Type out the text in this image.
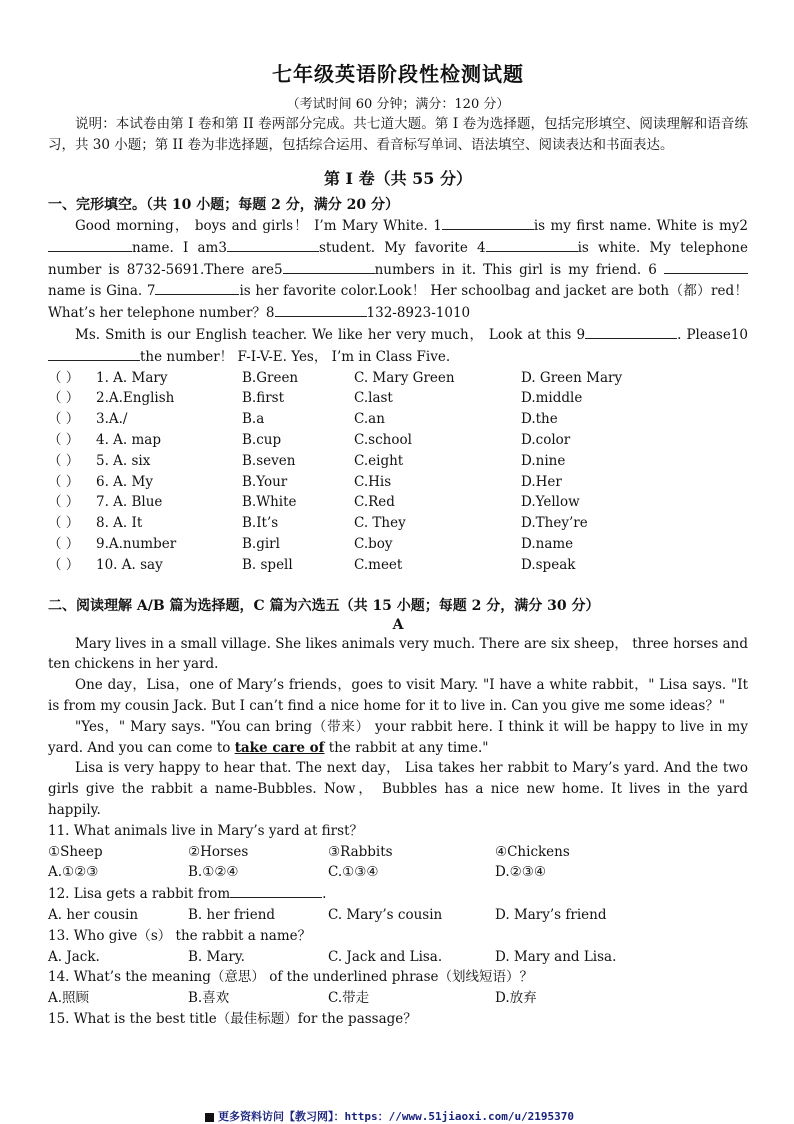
七年级英语阶段性检测试题
（考试时间 60 分钟；满分：120 分）
说明：本试卷由第 I 卷和第 II 卷两部分完成。共七道大题。第 I 卷为选择题，包括完形填空、阅读理解和语音练习，共 30 小题；第 II 卷为非选择题，包括综合运用、看音标写单词、语法填空、阅读表达和书面表达。
第 I 卷（共 55 分）
一、完形填空。（共 10 小题；每题 2 分，满分 20 分）

Good morning， boys and girls！ I’m Mary White. 1	is my first name. White is my2name. I am3	student. My favorite 4	is white. My telephone number is 8732-5691.There are5	numbers in it. This girl is my friend. 6 name is Gina. 7	is her favorite color.Look！ Her schoolbag and jacket are both（都）red！ What’s her telephone number？8	132-8923-1010

Ms. Smith is our English teacher. We like her very much， Look at this 9	. Please10the number！ F-I-V-E. Yes， I’m in Class Five.

（ ）	1. A. Mary	B.Green	C. Mary Green	D. Green Mary
（ ）	2.A.English	B.first	C.last	D.middle
（ ）	3.A./	B.a	C.an	D.the
（ ）	4. A. map	B.cup	C.school	D.color
（ ）	5. A. six	B.seven	C.eight	D.nine
（ ）	6. A. My	B.Your	C.His	D.Her
（ ）	7. A. Blue	B.White	C.Red	D.Yellow
（ ）	8. A. It	B.It’s	C. They	D.They’re
（ ）	9.A.number	B.girl	C.boy	D.name
（ ）	10. A. say	B. spell	C.meet	D.speak
二、阅读理解 A/B 篇为选择题，C 篇为六选五（共 15 小题；每题 2 分，满分 30 分）
A

Mary lives in a small village. She likes animals very much. There are six sheep， three horses and ten chickens in her yard.

One day，Lisa，one of Mary’s friends，goes to visit Mary. "I have a white rabbit，" Lisa says. "It is from my cousin Jack. But I can’t find a nice home for it to live in. Can you give me some ideas？"

"Yes，" Mary says. "You can bring（带来） your rabbit here. I think it will be happy to live in my yard. And you can come to take care of the rabbit at any time."

Lisa is very happy to hear that. The next day， Lisa takes her rabbit to Mary’s yard. And the two girls give the rabbit a name-Bubbles. Now， Bubbles has a nice new home. It lives in the yard happily.

11. What animals live in Mary’s yard at first？
①Sheep	②Horses	③Rabbits	④Chickens
A.①②③	B.①②④	C.①③④	D.②③④
12. Lisa gets a rabbit from	.
A. her cousin	B. her friend	C. Mary’s cousin	D. Mary’s friend
13. Who give（s） the rabbit a name？
A. Jack.	B. Mary.	C. Jack and Lisa.	D. Mary and Lisa.
14. What’s the meaning（意思） of the underlined phrase（划线短语）？
A.照顾	B.喜欢	C.带走	D.放弃
15. What is the best title（最佳标题）for the passage？
更多资料访问【教习网】：https：//www.51jiaoxi.com/u/2195370
